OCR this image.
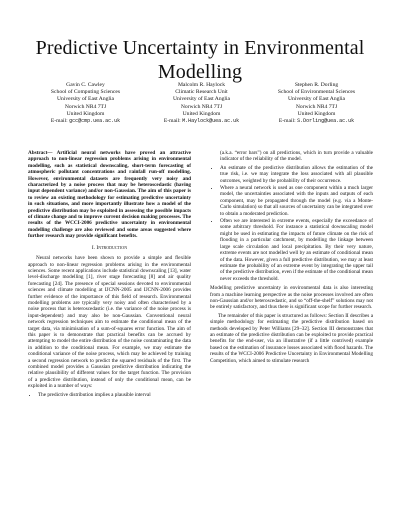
Predictive Uncertainty in Environmental Modelling
Gavin C. Cawley
School of Computing Sciences
University of East Anglia
Norwich NR4 7TJ
United Kingdom
E-mail: gcc@cmp.uea.ac.uk
Malcolm R. Haylock
Climatic Research Unit
University of East Anglia
Norwich NR4 7TJ
United Kingdom
E-mail: M.Haylock@uea.ac.uk
Stephen R. Dorling
School of Environmental Sciences
University of East Anglia
Norwich NR4 7TJ
United Kingdom
E-mail: S.Dorling@uea.ac.uk

Abstract— Artificial neural networks have proved an attractive approach to non-linear regression problems arising in environmental modelling, such as statistical downscaling, short-term forecasting of atmospheric pollutant concentrations and rainfall run-off modelling. However, environmental datasets are frequently very noisy and characterized by a noise process that may be heteroscedastic (having input dependent variance) and/or non-Gaussian. The aim of this paper is to review an existing methodology for estimating predictive uncertainty in such situations, and more importantly illustrate how a model of the predictive distribution may be exploited in assessing the possible impacts of climate change and to improve current decision making processes. The results of the WCCI-2006 predictive uncertainty in environmental modelling challenge are also reviewed and some areas suggested where further research may provide significant benefits.

I. Introduction

Neural networks have been shown to provide a simple and flexible approach to non-linear regression problems arising in the environmental sciences. Some recent applications include statistical downscaling [13], water level-discharge modelling [1], river stage forecasting [8] and air quality forecasting [24]. The presence of special sessions devoted to environmental sciences and climate modelling at IJCNN-2005 and IJCNN-2006 provides further evidence of the importance of this field of research. Environmental modelling problems are typically very noisy and often characterised by a noise process that is heteroscedastic (i.e. the variance of the noise process is input-dependent) and may also be non-Gaussian. Conventional neural network regression techniques aim to estimate the conditional mean of the target data, via minimisation of a sum-of-squares error function. The aim of this paper is to demonstrate that practical benefits can be accrued by attempting to model the entire distribution of the noise contaminating the data in addition to the conditional mean. For example, we may estimate the conditional variance of the noise process, which may be achieved by training a second regression network to predict the squared residuals of the first. The combined model provides a Gaussian predictive distribution indicating the relative plausibility of different values for the target function. The provision of a predictive distribution, instead of only the conditional mean, can be exploited in a number of ways:

• The predictive distribution implies a plausible interval

(a.k.a. “error bars”) on all predictions, which in turn provide a valuable indicator of the reliability of the model.

• An estimate of the predictive distribution allows the estimation of the true risk, i.e. we may integrate the loss associated with all plausible outcomes, weighted by the probability of their occurrence.
• Where a neural network is used as one component within a much larger model, the uncertainties associated with the inputs and outputs of each component, may be propagated through the model (e.g. via a Monte-Carlo simulation) so that all sources of uncertainty can be integrated over to obtain a moderated prediction.
• Often we are interested in extreme events, especially the exceedance of some arbitrary threshold. For instance a statistical downscaling model might be used in estimating the impacts of future climate on the risk of flooding in a particular catchment, by modelling the linkage between large scale circulation and local precipitation. By their very nature, extreme events are not modelled well by an estimate of conditional mean of the data. However, given a full predictive distribution, we may at least estimate the probability of an extreme event by integrating the upper tail of the predictive distribution, even if the estimate of the conditional mean never exceeds the threshold.

Modelling predictive uncertainty in environmental data is also interesting from a machine learning perspective as the noise processes involved are often non-Gaussian and/or heteroscedastic, and so “off-the-shelf” solutions may not be entirely satisfactory, and thus there is significant scope for further research.

The remainder of this paper is structured as follows: Section II describes a simple methodology for estimating the predictive distribution based on methods developed by Peter Williams [29–32]. Section III demonstrates that an estimate of the predictive distribution can be exploited to provide practical benefits for the end-user, via an illustrative (if a little contrived) example based on the estimation of insurance losses associated with flood hazards. The results of the WCCI-2006 Predictive Uncertainty in Environmental Modelling Competition, which aimed to stimulate research
